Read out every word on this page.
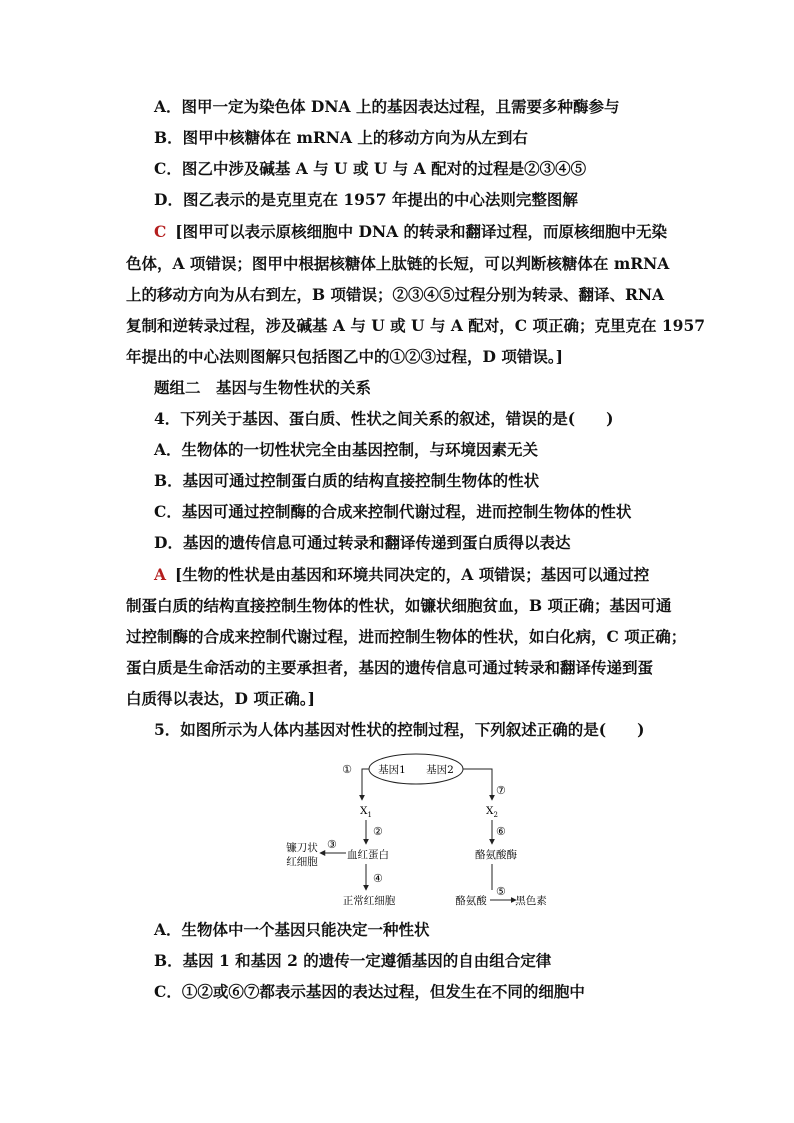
A．图甲一定为染色体 DNA 上的基因表达过程，且需要多种酶参与
B．图甲中核糖体在 mRNA 上的移动方向为从左到右
C．图乙中涉及碱基 A 与 U 或 U 与 A 配对的过程是②③④⑤
D．图乙表示的是克里克在 1957 年提出的中心法则完整图解
C [图甲可以表示原核细胞中 DNA 的转录和翻译过程，而原核细胞中无染
色体，A 项错误；图甲中根据核糖体上肽链的长短，可以判断核糖体在 mRNA
上的移动方向为从右到左，B 项错误；②③④⑤过程分别为转录、翻译、RNA
复制和逆转录过程，涉及碱基 A 与 U 或 U 与 A 配对，C 项正确；克里克在 1957
年提出的中心法则图解只包括图乙中的①②③过程，D 项错误。]
题组二　基因与生物性状的关系
4．下列关于基因、蛋白质、性状之间关系的叙述，错误的是(　　)
A．生物体的一切性状完全由基因控制，与环境因素无关
B．基因可通过控制蛋白质的结构直接控制生物体的性状
C．基因可通过控制酶的合成来控制代谢过程，进而控制生物体的性状
D．基因的遗传信息可通过转录和翻译传递到蛋白质得以表达
A [生物的性状是由基因和环境共同决定的，A 项错误；基因可以通过控
制蛋白质的结构直接控制生物体的性状，如镰状细胞贫血，B 项正确；基因可通
过控制酶的合成来控制代谢过程，进而控制生物体的性状，如白化病，C 项正确；
蛋白质是生命活动的主要承担者，基因的遗传信息可通过转录和翻译传递到蛋
白质得以表达，D 项正确。]
5．如图所示为人体内基因对性状的控制过程，下列叙述正确的是(　　)
基因1 基因2
①
$X_1$
②
血红蛋白
③
镰刀状
红细胞
④
正常红细胞
⑦
$X_2$
⑥
酪氨酸酶
酪氨酸
⑤
黑色素
A．生物体中一个基因只能决定一种性状
B．基因 1 和基因 2 的遗传一定遵循基因的自由组合定律
C．①②或⑥⑦都表示基因的表达过程，但发生在不同的细胞中
